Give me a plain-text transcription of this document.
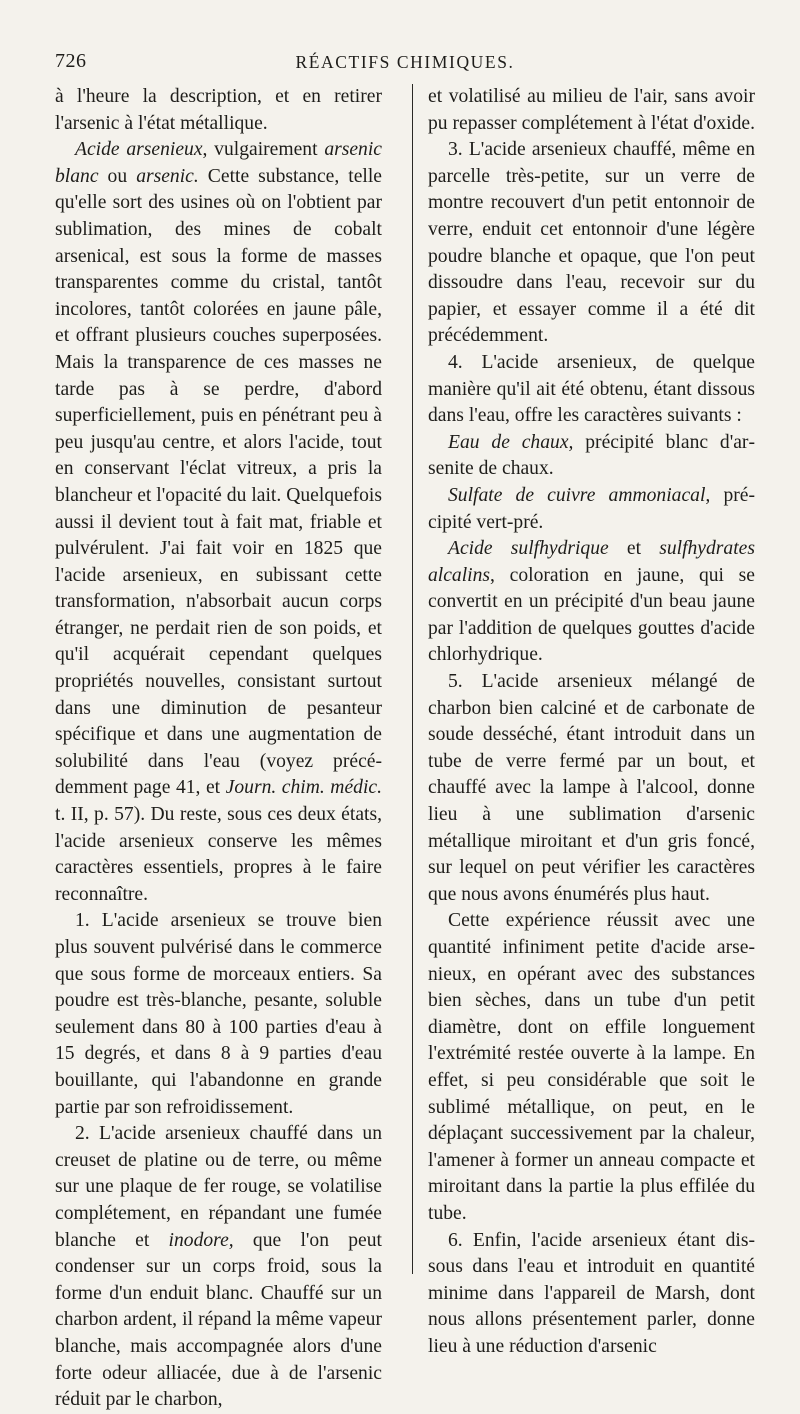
726	RÉACTIFS CHIMIQUES.

à l'heure la description, et en retirer l'arsenic à l'état métallique.

Acide arsenieux, vulgairement arsenic blanc ou arsenic. Cette substance, telle qu'elle sort des usines où on l'obtient par sublimation, des mines de cobalt arsenical, est sous la forme de masses transparentes comme du cristal, tantôt incolores, tantôt colorées en jaune pâle, et offrant plusieurs couches superposées. Mais la transparence de ces masses ne tarde pas à se perdre, d'abord superficiellement, puis en pénétrant peu à peu jusqu'au centre, et alors l'acide, tout en conservant l'éclat vitreux, a pris la blancheur et l'opacité du lait. Quelquefois aussi il devient tout à fait mat, friable et pulvérulent. J'ai fait voir en 1825 que l'acide arsenieux, en subissant cette transformation, n'absorbait aucun corps étranger, ne perdait rien de son poids, et qu'il acquérait cependant quelques propriétés nouvelles, consistant surtout dans une diminution de pesanteur spécifique et dans une augmentation de solubilité dans l'eau (voyez précédemment page 41, et Journ. chim. médic. t. II, p. 57). Du reste, sous ces deux états, l'acide arsenieux conserve les mêmes caractères essentiels, propres à le faire reconnaître.

1. L'acide arsenieux se trouve bien plus souvent pulvérisé dans le commerce que sous forme de morceaux entiers. Sa poudre est très-blanche, pesante, soluble seulement dans 80 à 100 parties d'eau à 15 degrés, et dans 8 à 9 parties d'eau bouillante, qui l'abandonne en grande partie par son refroidissement.

2. L'acide arsenieux chauffé dans un creuset de platine ou de terre, ou même sur une plaque de fer rouge, se volatilise complétement, en répandant une fumée blanche et inodore, que l'on peut condenser sur un corps froid, sous la forme d'un enduit blanc. Chauffé sur un charbon ardent, il répand la même vapeur blanche, mais accompagnée alors d'une forte odeur alliacée, due à de l'arsenic réduit par le charbon,

et volatilisé au milieu de l'air, sans avoir pu repasser complétement à l'état d'oxide.

3. L'acide arsenieux chauffé, même en parcelle très-petite, sur un verre de montre recouvert d'un petit entonnoir de verre, enduit cet entonnoir d'une légère poudre blanche et opaque, que l'on peut dissoudre dans l'eau, recevoir sur du papier, et essayer comme il a été dit précédemment.

4. L'acide arsenieux, de quelque manière qu'il ait été obtenu, étant dissous dans l'eau, offre les caractères suivants :

Eau de chaux, précipité blanc d'arsenite de chaux.

Sulfate de cuivre ammoniacal, précipité vert-pré.

Acide sulfhydrique et sulfhydrates alcalins, coloration en jaune, qui se convertit en un précipité d'un beau jaune par l'addition de quelques gouttes d'acide chlorhydrique.

5. L'acide arsenieux mélangé de charbon bien calciné et de carbonate de soude desséché, étant introduit dans un tube de verre fermé par un bout, et chauffé avec la lampe à l'alcool, donne lieu à une sublimation d'arsenic métallique miroitant et d'un gris foncé, sur lequel on peut vérifier les caractères que nous avons énumérés plus haut.

Cette expérience réussit avec une quantité infiniment petite d'acide arsenieux, en opérant avec des substances bien sèches, dans un tube d'un petit diamètre, dont on effile longuement l'extrémité restée ouverte à la lampe. En effet, si peu considérable que soit le sublimé métallique, on peut, en le déplaçant successivement par la chaleur, l'amener à former un anneau compacte et miroitant dans la partie la plus effilée du tube.

6. Enfin, l'acide arsenieux étant dissous dans l'eau et introduit en quantité minime dans l'appareil de Marsh, dont nous allons présentement parler, donne lieu à une réduction d'arsenic
